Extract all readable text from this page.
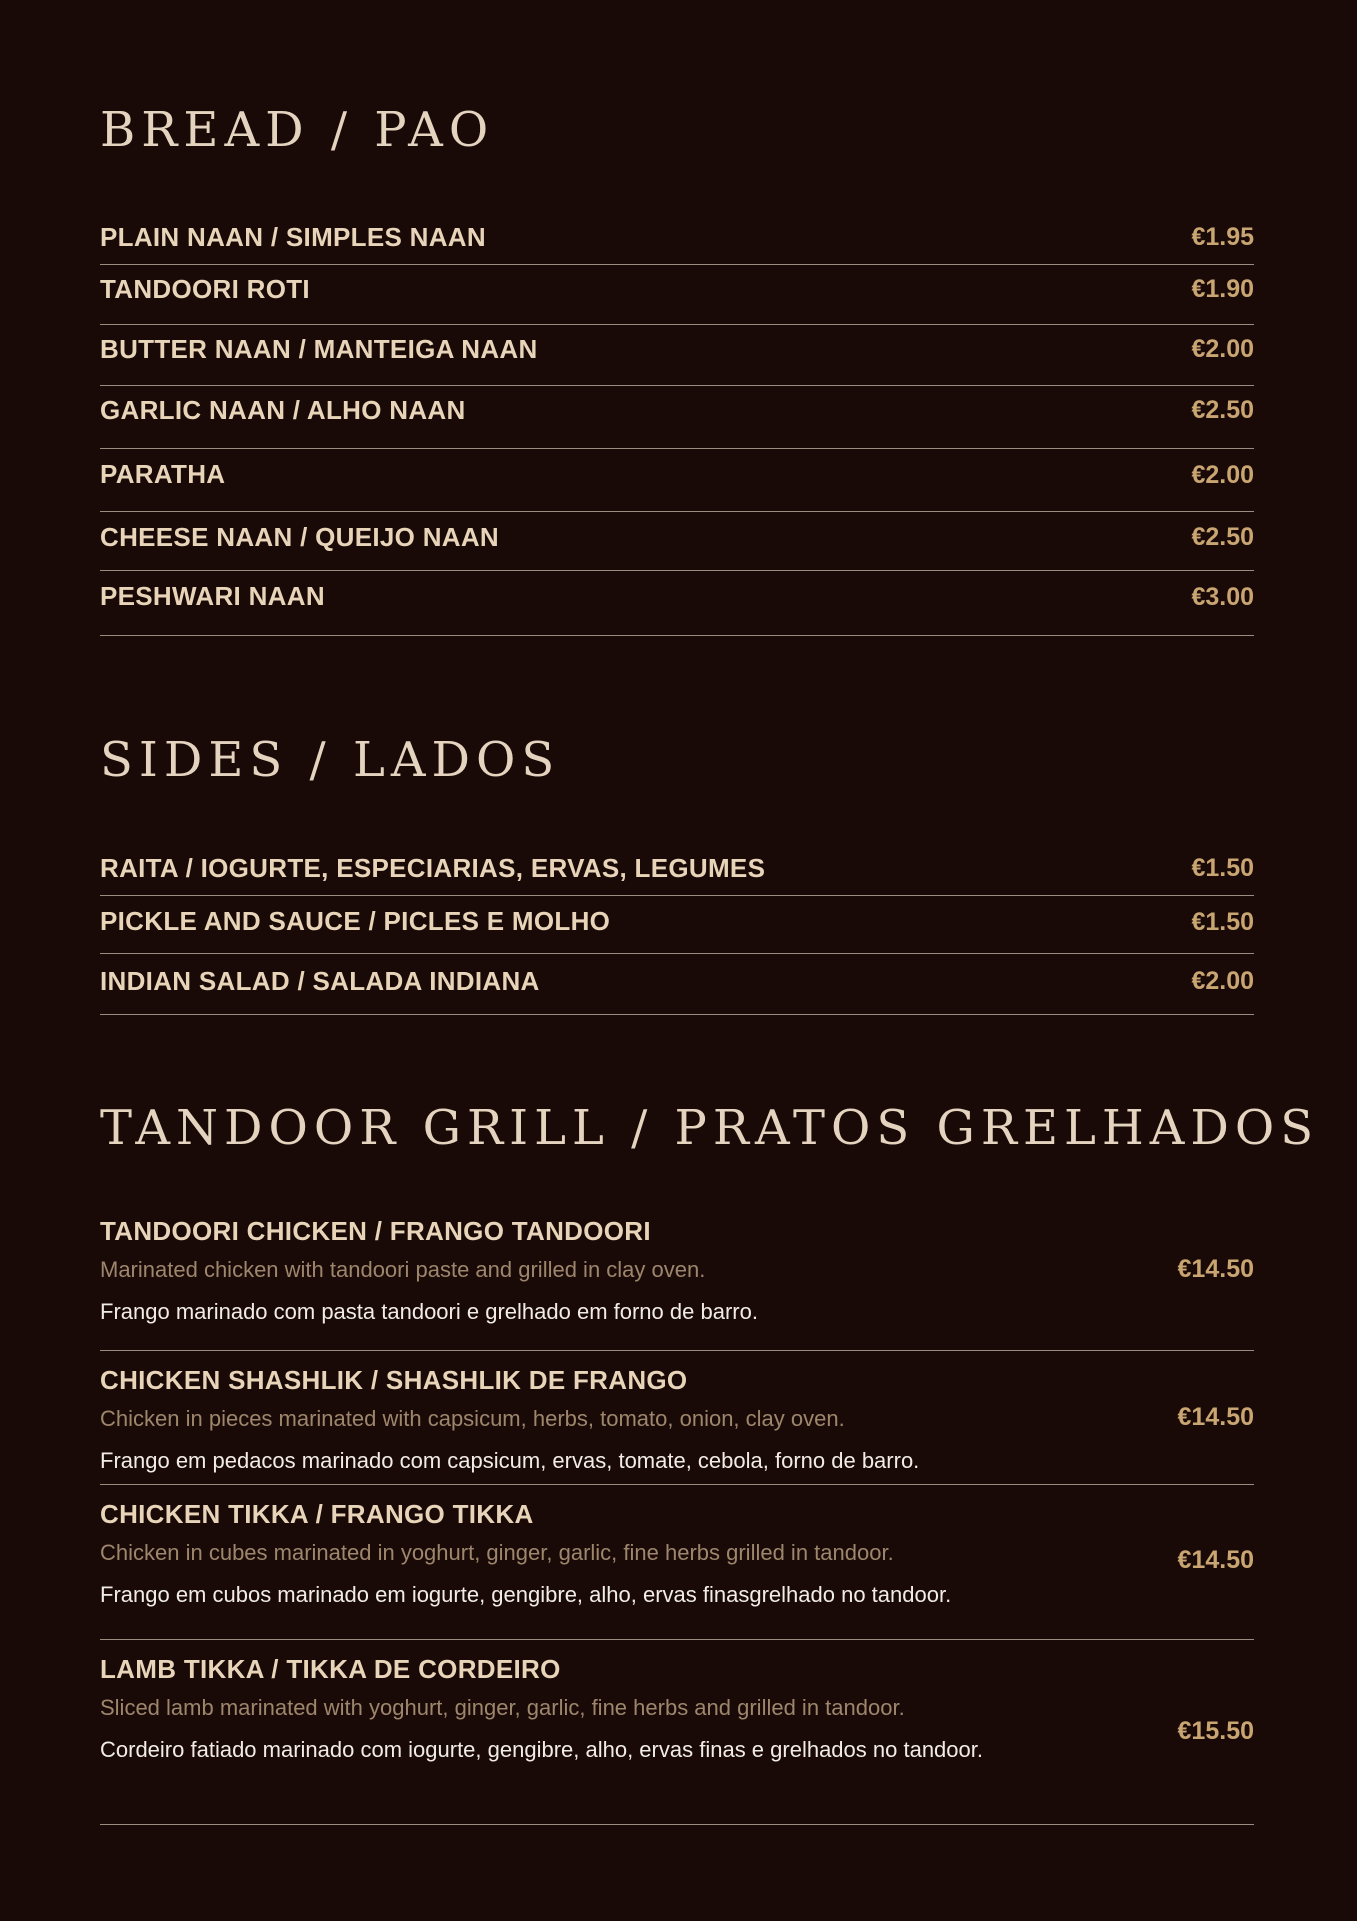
BREAD / PAO
PLAIN NAAN / SIMPLES NAAN	€1.95
TANDOORI ROTI	€1.90
BUTTER NAAN / MANTEIGA NAAN	€2.00
GARLIC NAAN / ALHO NAAN	€2.50
PARATHA	€2.00
CHEESE NAAN / QUEIJO NAAN	€2.50
PESHWARI NAAN	€3.00
SIDES / LADOS
RAITA / IOGURTE, ESPECIARIAS, ERVAS, LEGUMES	€1.50
PICKLE AND SAUCE / PICLES E MOLHO	€1.50
INDIAN SALAD / SALADA INDIANA	€2.00
TANDOOR GRILL / PRATOS GRELHADOS
TANDOORI CHICKEN / FRANGO TANDOORI
Marinated chicken with tandoori paste and grilled in clay oven.
Frango marinado com pasta tandoori e grelhado em forno de barro.
€14.50
CHICKEN SHASHLIK / SHASHLIK DE FRANGO
Chicken in pieces marinated with capsicum, herbs, tomato, onion, clay oven.
Frango em pedacos marinado com capsicum, ervas, tomate, cebola, forno de barro.
€14.50
CHICKEN TIKKA / FRANGO TIKKA
Chicken in cubes marinated in yoghurt, ginger, garlic, fine herbs grilled in tandoor.
Frango em cubos marinado em iogurte, gengibre, alho, ervas finasgrelhado no tandoor.
€14.50
LAMB TIKKA / TIKKA DE CORDEIRO
Sliced lamb marinated with yoghurt, ginger, garlic, fine herbs and grilled in tandoor.
Cordeiro fatiado marinado com iogurte, gengibre, alho, ervas finas e grelhados no tandoor.
€15.50
